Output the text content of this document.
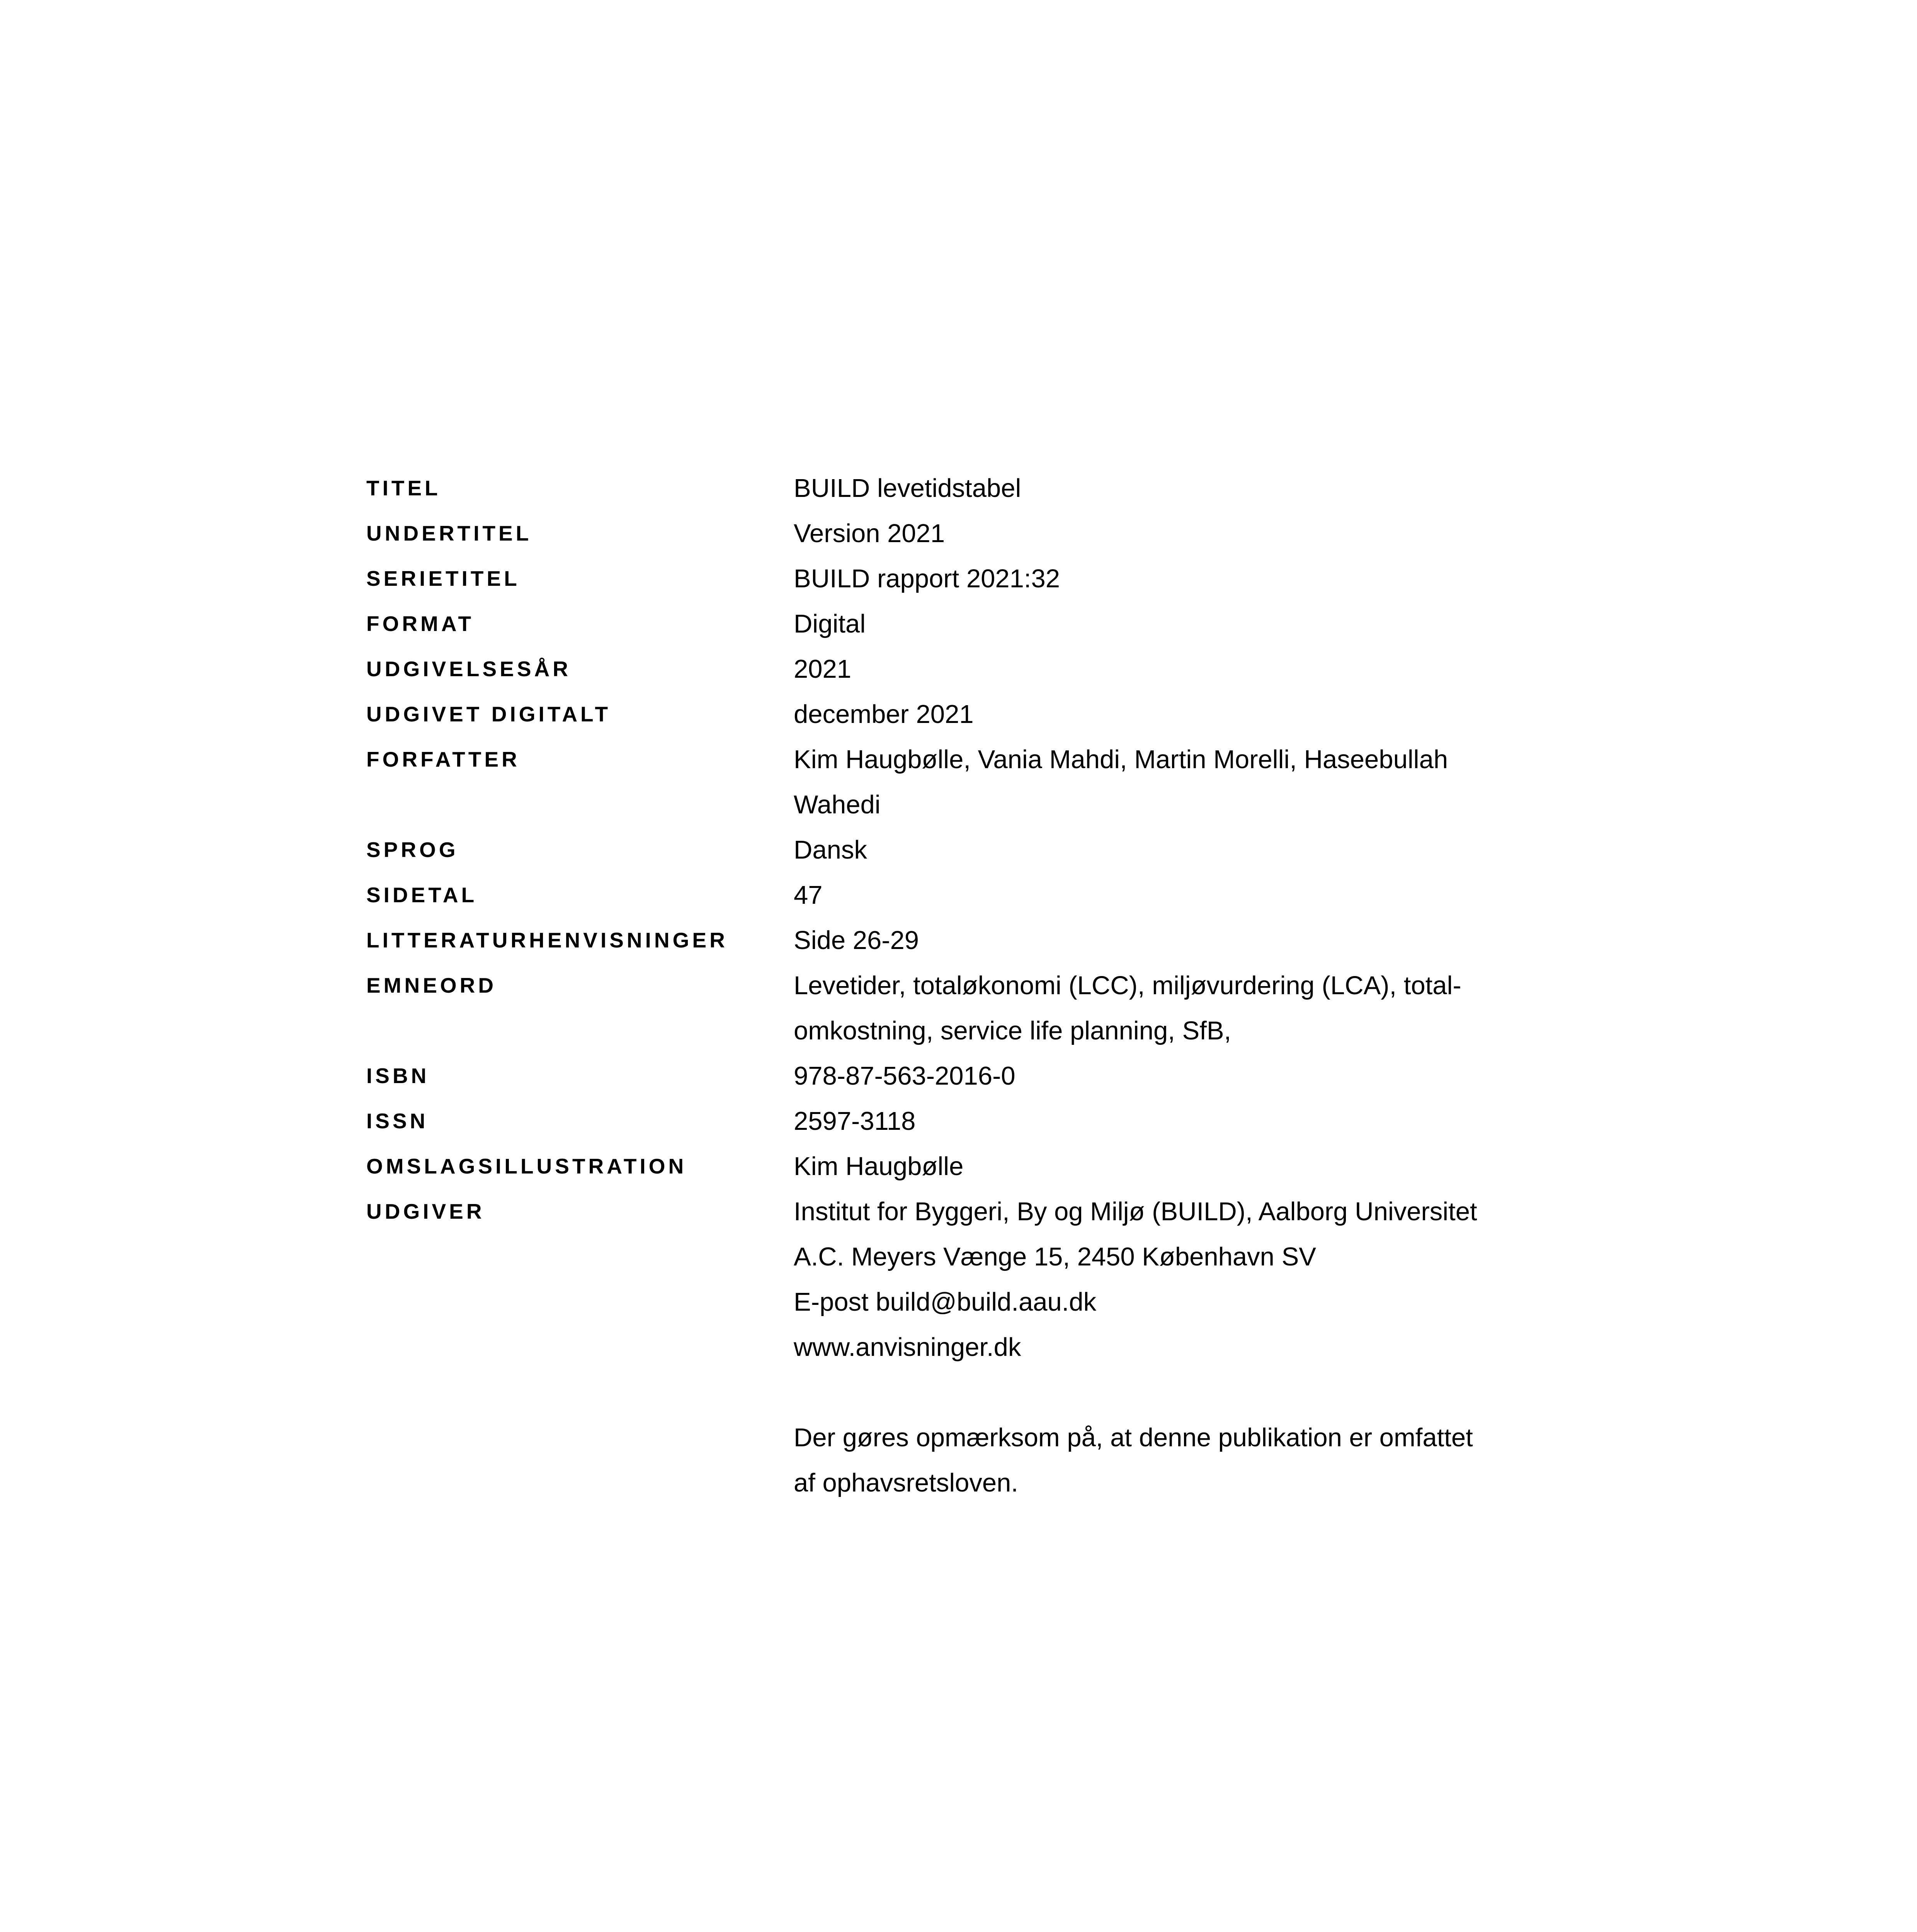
TITEL	BUILD levetidstabel
UNDERTITEL	Version 2021
SERIETITEL	BUILD rapport 2021:32
FORMAT	Digital
UDGIVELSESÅR	2021
UDGIVET DIGITALT	december 2021
FORFATTER	Kim Haugbølle, Vania Mahdi, Martin Morelli, Haseebullah
Wahedi
SPROG	Dansk
SIDETAL	47
LITTERATURHENVISNINGER	Side 26-29
EMNEORD	Levetider, totaløkonomi (LCC), miljøvurdering (LCA), total-
omkostning, service life planning, SfB,
ISBN	978-87-563-2016-0
ISSN	2597-3118
OMSLAGSILLUSTRATION	Kim Haugbølle
UDGIVER	Institut for Byggeri, By og Miljø (BUILD), Aalborg Universitet
A.C. Meyers Vænge 15, 2450 København SV
E-post build@build.aau.dk
www.anvisninger.dk
Der gøres opmærksom på, at denne publikation er omfattet
af ophavsretsloven.
